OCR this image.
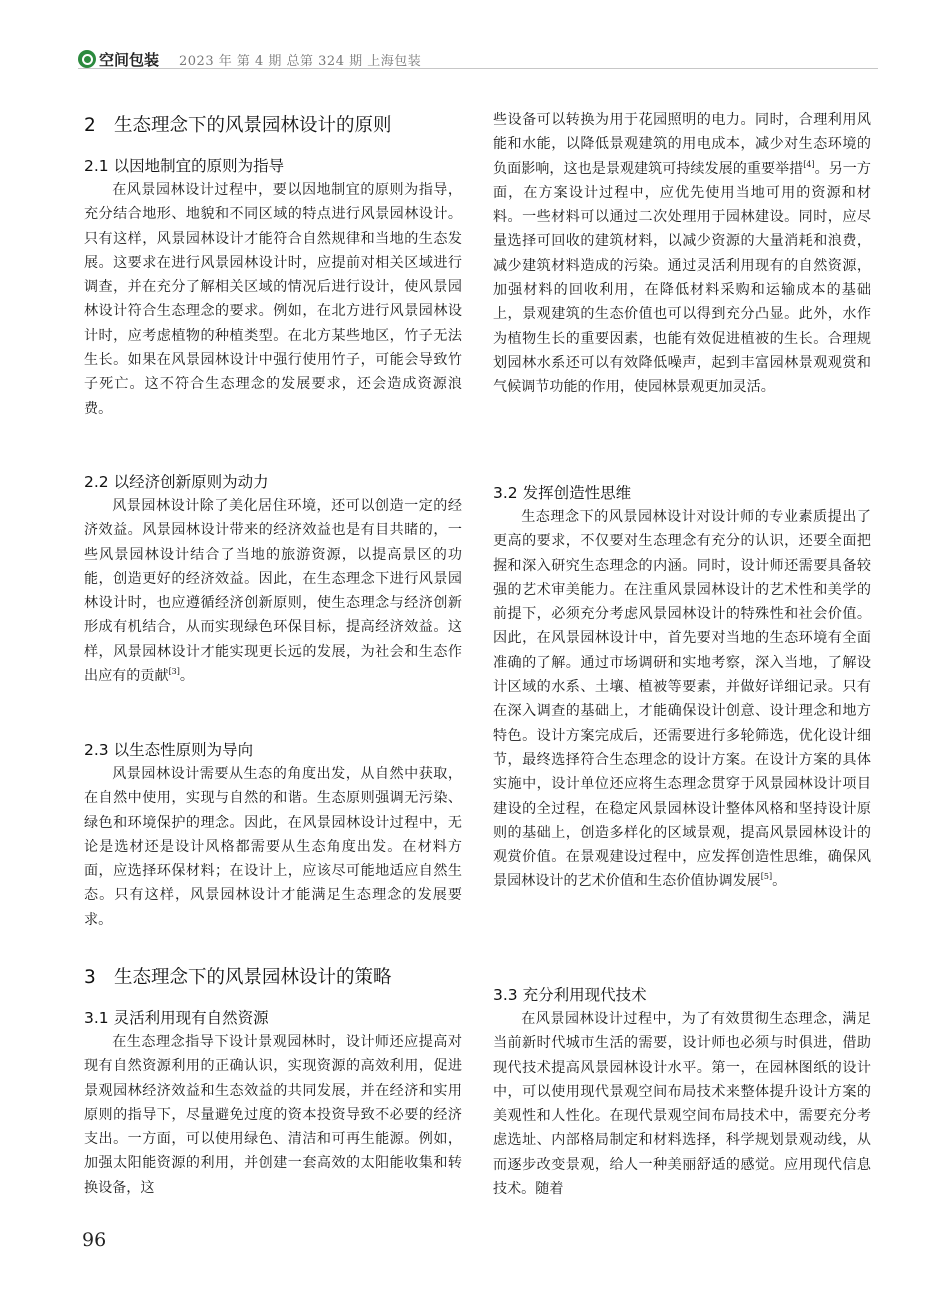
空间包装 2023 年 第 4 期 总第 324 期 上海包装
2 生态理念下的风景园林设计的原则
2.1 以因地制宜的原则为指导

在风景园林设计过程中，要以因地制宜的原则为指导，充分结合地形、地貌和不同区域的特点进行风景园林设计。只有这样，风景园林设计才能符合自然规律和当地的生态发展。这要求在进行风景园林设计时，应提前对相关区域进行调查，并在充分了解相关区域的情况后进行设计，使风景园林设计符合生态理念的要求。例如，在北方进行风景园林设计时，应考虑植物的种植类型。在北方某些地区，竹子无法生长。如果在风景园林设计中强行使用竹子，可能会导致竹子死亡。这不符合生态理念的发展要求，还会造成资源浪费。

2.2 以经济创新原则为动力

风景园林设计除了美化居住环境，还可以创造一定的经济效益。风景园林设计带来的经济效益也是有目共睹的，一些风景园林设计结合了当地的旅游资源，以提高景区的功能，创造更好的经济效益。因此，在生态理念下进行风景园林设计时，也应遵循经济创新原则，使生态理念与经济创新形成有机结合，从而实现绿色环保目标，提高经济效益。这样，风景园林设计才能实现更长远的发展，为社会和生态作出应有的贡献[3]。

2.3 以生态性原则为导向

风景园林设计需要从生态的角度出发，从自然中获取，在自然中使用，实现与自然的和谐。生态原则强调无污染、绿色和环境保护的理念。因此，在风景园林设计过程中，无论是选材还是设计风格都需要从生态角度出发。在材料方面，应选择环保材料；在设计上，应该尽可能地适应自然生态。只有这样，风景园林设计才能满足生态理念的发展要求。

3 生态理念下的风景园林设计的策略
3.1 灵活利用现有自然资源

在生态理念指导下设计景观园林时，设计师还应提高对现有自然资源利用的正确认识，实现资源的高效利用，促进景观园林经济效益和生态效益的共同发展，并在经济和实用原则的指导下，尽量避免过度的资本投资导致不必要的经济支出。一方面，可以使用绿色、清洁和可再生能源。例如，加强太阳能资源的利用，并创建一套高效的太阳能收集和转换设备，这

些设备可以转换为用于花园照明的电力。同时，合理利用风能和水能，以降低景观建筑的用电成本，减少对生态环境的负面影响，这也是景观建筑可持续发展的重要举措[4]。另一方面，在方案设计过程中，应优先使用当地可用的资源和材料。一些材料可以通过二次处理用于园林建设。同时，应尽量选择可回收的建筑材料，以减少资源的大量消耗和浪费，减少建筑材料造成的污染。通过灵活利用现有的自然资源，加强材料的回收利用，在降低材料采购和运输成本的基础上，景观建筑的生态价值也可以得到充分凸显。此外，水作为植物生长的重要因素，也能有效促进植被的生长。合理规划园林水系还可以有效降低噪声，起到丰富园林景观观赏和气候调节功能的作用，使园林景观更加灵活。

3.2 发挥创造性思维

生态理念下的风景园林设计对设计师的专业素质提出了更高的要求，不仅要对生态理念有充分的认识，还要全面把握和深入研究生态理念的内涵。同时，设计师还需要具备较强的艺术审美能力。在注重风景园林设计的艺术性和美学的前提下，必须充分考虑风景园林设计的特殊性和社会价值。因此，在风景园林设计中，首先要对当地的生态环境有全面准确的了解。通过市场调研和实地考察，深入当地，了解设计区域的水系、土壤、植被等要素，并做好详细记录。只有在深入调查的基础上，才能确保设计创意、设计理念和地方特色。设计方案完成后，还需要进行多轮筛选，优化设计细节，最终选择符合生态理念的设计方案。在设计方案的具体实施中，设计单位还应将生态理念贯穿于风景园林设计项目建设的全过程，在稳定风景园林设计整体风格和坚持设计原则的基础上，创造多样化的区域景观，提高风景园林设计的观赏价值。在景观建设过程中，应发挥创造性思维，确保风景园林设计的艺术价值和生态价值协调发展[5]。

3.3 充分利用现代技术

在风景园林设计过程中，为了有效贯彻生态理念，满足当前新时代城市生活的需要，设计师也必须与时俱进，借助现代技术提高风景园林设计水平。第一，在园林图纸的设计中，可以使用现代景观空间布局技术来整体提升设计方案的美观性和人性化。在现代景观空间布局技术中，需要充分考虑选址、内部格局制定和材料选择，科学规划景观动线，从而逐步改变景观，给人一种美丽舒适的感觉。应用现代信息技术。随着

96
